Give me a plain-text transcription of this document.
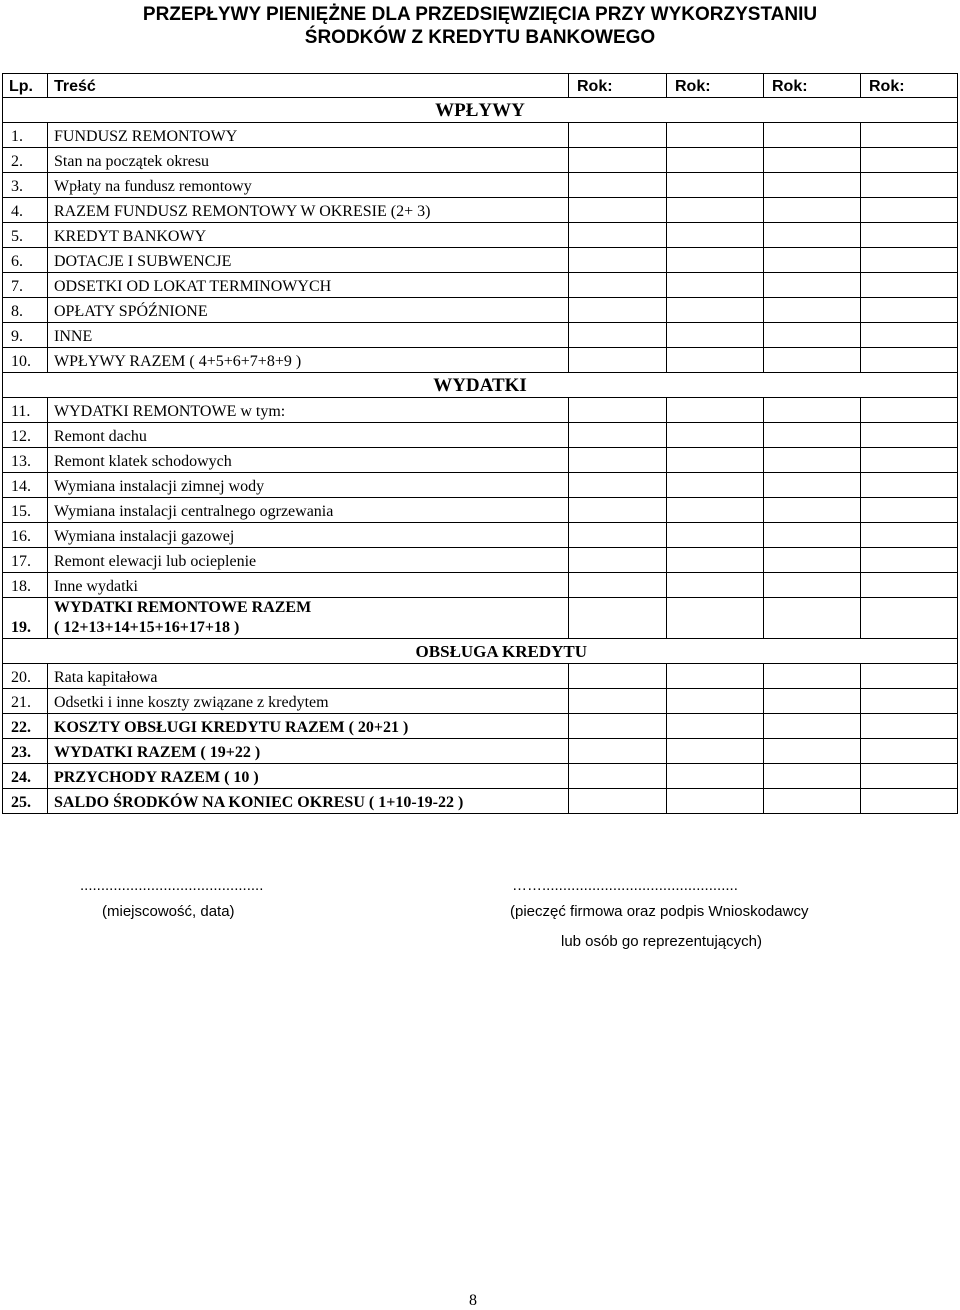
PRZEPŁYWY PIENIĘŻNE DLA PRZEDSIĘWZIĘCIA PRZY WYKORZYSTANIU
ŚRODKÓW Z KREDYTU BANKOWEGO
Lp.	Treść	Rok:	Rok:	Rok:	Rok:
WPŁYWY					
1.	FUNDUSZ REMONTOWY				
2.	Stan na początek okresu				
3.	Wpłaty na fundusz remontowy				
4.	RAZEM FUNDUSZ REMONTOWY W OKRESIE (2+ 3)				
5.	KREDYT BANKOWY				
6.	DOTACJE I SUBWENCJE				
7.	ODSETKI OD LOKAT TERMINOWYCH				
8.	OPŁATY SPÓŹNIONE				
9.	INNE				
10.	WPŁYWY RAZEM ( 4+5+6+7+8+9 )				
WYDATKI					
11.	WYDATKI REMONTOWE w tym:				
12.	Remont dachu				
13.	Remont klatek schodowych				
14.	Wymiana instalacji zimnej wody				
15.	Wymiana instalacji centralnego ogrzewania				
16.	Wymiana instalacji gazowej				
17.	Remont elewacji lub ocieplenie				
18.	Inne wydatki				
19.	WYDATKI REMONTOWE RAZEM
( 12+13+14+15+16+17+18 )				
OBSŁUGA KREDYTU					
20.	Rata kapitałowa				
21.	Odsetki i inne koszty związane z kredytem				
22.	KOSZTY OBSŁUGI KREDYTU RAZEM ( 20+21 )				
23.	WYDATKI RAZEM ( 19+22 )				
24.	PRZYCHODY RAZEM ( 10 )				
25.	SALDO ŚRODKÓW NA KONIEC OKRESU ( 1+10-19-22 )				
............................................
(miejscowość, data)
……...............................................
(pieczęć firmowa oraz podpis Wnioskodawcy
lub osób go reprezentujących)
8
